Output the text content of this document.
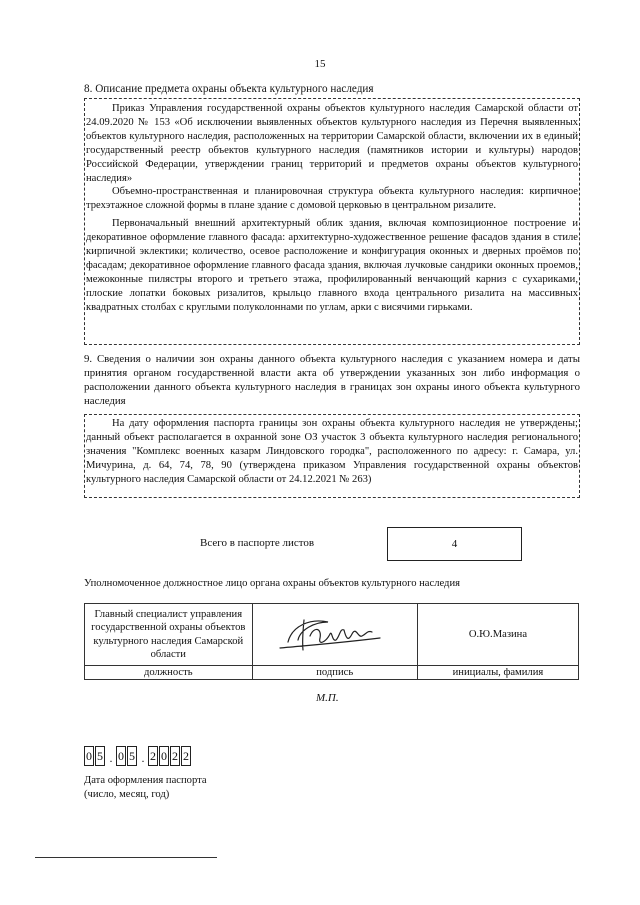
15
8. Описание предмета охраны объекта культурного наследия

Приказ Управления государственной охраны объектов культурного наследия Самарской области от 24.09.2020 № 153 «Об исключении выявленных объектов культурного наследия из Перечня выявленных объектов культурного наследия, расположенных на территории Самарской области, включении их в единый государственный реестр объектов культурного наследия (памятников истории и культуры) народов Российской Федерации, утверждении границ территорий и предметов охраны объектов культурного наследия»

Объемно-пространственная и планировочная структура объекта культурного наследия: кирпичное трехэтажное сложной формы в плане здание с домовой церковью в центральном ризалите.

Первоначальный внешний архитектурный облик здания, включая композиционное построение и декоративное оформление главного фасада: архитектурно-художественное решение фасадов здания в стиле кирпичной эклектики; количество, осевое расположение и конфигурация оконных и дверных проёмов по фасадам; декоративное оформление главного фасада здания, включая лучковые сандрики оконных проемов, межоконные пилястры второго и третьего этажа, профилированный венчающий карниз с сухариками, плоские лопатки боковых ризалитов, крыльцо главного входа центрального ризалита на массивных квадратных столбах с круглыми полуколоннами по углам, арки с висячими гирьками.

9. Сведения о наличии зон охраны данного объекта культурного наследия с указанием номера и даты принятия органом государственной власти акта об утверждении указанных зон либо информация о расположении данного объекта культурного наследия в границах зон охраны иного объекта культурного наследия

На дату оформления паспорта границы зон охраны объекта культурного наследия не утверждены; данный объект располагается в охранной зоне ОЗ участок 3 объекта культурного наследия регионального значения "Комплекс военных казарм Линдовского городка", расположенного по адресу: г. Самара, ул. Мичурина, д. 64, 74, 78, 90 (утверждена приказом Управления государственной охраны объектов культурного наследия Самарской области от 24.12.2021 № 263)

Всего в паспорте листов	4
Уполномоченное должностное лицо органа охраны объектов культурного наследия
Главный специалист управления государственной охраны объектов культурного наследия Самарской области		О.Ю.Мазина
должность	подпись	инициалы, фамилия
М.П.
0 5 . 0 5 . 2 0 2 2
Дата оформления паспорта
(число, месяц, год)
